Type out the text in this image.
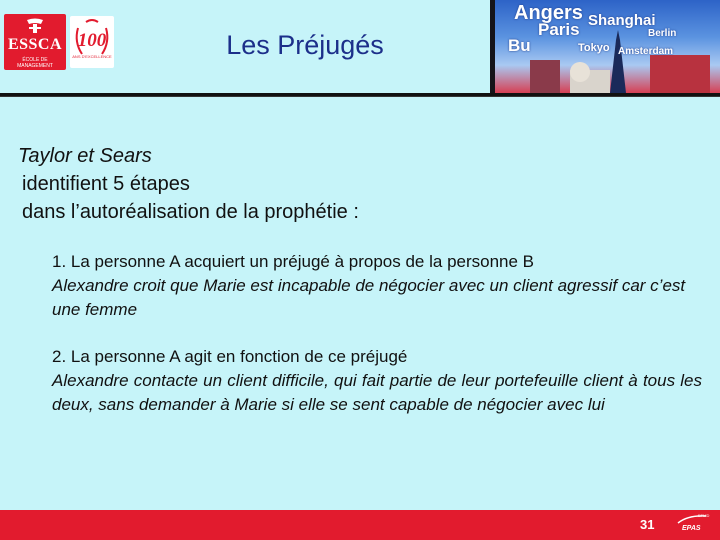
ESSCA
ÉCOLE DE MANAGEMENT
100
ANS D'EXCELLENCE	Les Préjugés
Angers Shanghai
Paris
Bu	Tokyo Amsterdam
Berlin
Taylor et Sears
identifient 5 étapes
dans l’autoréalisation de la prophétie :
1. La personne A acquiert un préjugé à propos de la personne B
Alexandre croit que Marie est incapable de négocier avec un client agressif car c’est une femme
2. La personne A agit en fonction de ce préjugé
Alexandre contacte un client difficile, qui fait partie de leur portefeuille client à tous les deux, sans demander à Marie si elle se sent capable de négocier avec lui
31
EFMD
EPAS
